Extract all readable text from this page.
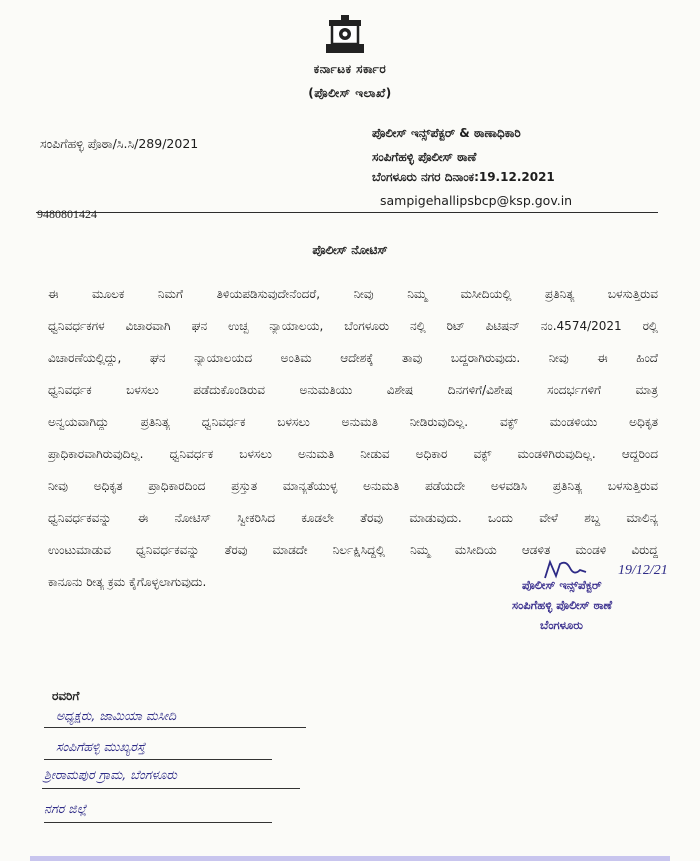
ಕರ್ನಾಟಕ ಸರ್ಕಾರ
(ಪೊಲೀಸ್ ಇಲಾಖೆ)
ಸಂಪಿಗೆಹಳ್ಳಿ ಪೊಠಾ/ಸಿ.ಸಿ/289/2021
ಪೊಲೀಸ್ ಇನ್ಸ್‌ಪೆಕ್ಟರ್ & ಠಾಣಾಧಿಕಾರಿ
ಸಂಪಿಗೆಹಳ್ಳಿ ಪೊಲೀಸ್ ಠಾಣೆ
ಬೆಂಗಳೂರು ನಗರ ದಿನಾಂಕ:19.12.2021
9480801424
sampigehallipsbcp@ksp.gov.in
ಪೊಲೀಸ್ ನೋಟಿಸ್
ಈ ಮೂಲಕ ನಿಮಗೆ ತಿಳಿಯಪಡಿಸುವುದೇನೆಂದರೆ, ನೀವು ನಿಮ್ಮ ಮಸೀದಿಯಲ್ಲಿ ಪ್ರತಿನಿತ್ಯ ಬಳಸುತ್ತಿರುವ
ಧ್ವನಿವರ್ಧಕಗಳ ವಿಚಾರವಾಗಿ ಘನ ಉಚ್ಛ ನ್ಯಾಯಾಲಯ, ಬೆಂಗಳೂರು ನಲ್ಲಿ ರಿಟ್ ಪಿಟಿಷನ್ ನಂ.4574/2021 ರಲ್ಲಿ
ವಿಚಾರಣೆಯಲ್ಲಿದ್ದು, ಘನ ನ್ಯಾಯಾಲಯದ ಅಂತಿಮ ಆದೇಶಕ್ಕೆ ತಾವು ಬದ್ಧರಾಗಿರುವುದು. ನೀವು ಈ ಹಿಂದೆ
ಧ್ವನಿವರ್ಧಕ ಬಳಸಲು ಪಡೆದುಕೊಂಡಿರುವ ಅನುಮತಿಯು ವಿಶೇಷ ದಿನಗಳಿಗೆ/ವಿಶೇಷ ಸಂದರ್ಭಗಳಿಗೆ ಮಾತ್ರ
ಅನ್ವಯವಾಗಿದ್ದು ಪ್ರತಿನಿತ್ಯ ಧ್ವನಿವರ್ಧಕ ಬಳಸಲು ಅನುಮತಿ ನೀಡಿರುವುದಿಲ್ಲ. ವಕ್ಫ್ ಮಂಡಳಿಯು ಅಧಿಕೃತ
ಪ್ರಾಧಿಕಾರವಾಗಿರುವುದಿಲ್ಲ. ಧ್ವನಿವರ್ಧಕ ಬಳಸಲು ಅನುಮತಿ ನೀಡುವ ಅಧಿಕಾರ ವಕ್ಫ್ ಮಂಡಳಿಗಿರುವುದಿಲ್ಲ. ಆದ್ದರಿಂದ
ನೀವು ಅಧಿಕೃತ ಪ್ರಾಧಿಕಾರದಿಂದ ಪ್ರಸ್ತುತ ಮಾನ್ಯತೆಯುಳ್ಳ ಅನುಮತಿ ಪಡೆಯದೇ ಅಳವಡಿಸಿ ಪ್ರತಿನಿತ್ಯ ಬಳಸುತ್ತಿರುವ
ಧ್ವನಿವರ್ಧಕವನ್ನು ಈ ನೋಟಿಸ್ ಸ್ವೀಕರಿಸಿದ ಕೂಡಲೇ ತೆರವು ಮಾಡುವುದು. ಒಂದು ವೇಳೆ ಶಬ್ದ ಮಾಲಿನ್ಯ
ಉಂಟುಮಾಡುವ ಧ್ವನಿವರ್ಧಕವನ್ನು ತೆರವು ಮಾಡದೇ ನಿರ್ಲಕ್ಷಿಸಿದ್ದಲ್ಲಿ ನಿಮ್ಮ ಮಸೀದಿಯ ಆಡಳಿತ ಮಂಡಳಿ ವಿರುದ್ಧ
ಕಾನೂನು ರೀತ್ಯ ಕ್ರಮ ಕೈಗೊಳ್ಳಲಾಗುವುದು.
19/12/21
ಪೊಲೀಸ್ ಇನ್ಸ್‌ಪೆಕ್ಟರ್
ಸಂಪಿಗೆಹಳ್ಳಿ ಪೊಲೀಸ್ ಠಾಣೆ
ಬೆಂಗಳೂರು
ರವರಿಗೆ
ಅಧ್ಯಕ್ಷರು, ಜಾಮಿಯಾ ಮಸೀದಿ
ಸಂಪಿಗೆಹಳ್ಳಿ ಮುಖ್ಯರಸ್ತೆ
ಶ್ರೀರಾಮಪುರ ಗ್ರಾಮ, ಬೆಂಗಳೂರು
ನಗರ ಜಿಲ್ಲೆ
